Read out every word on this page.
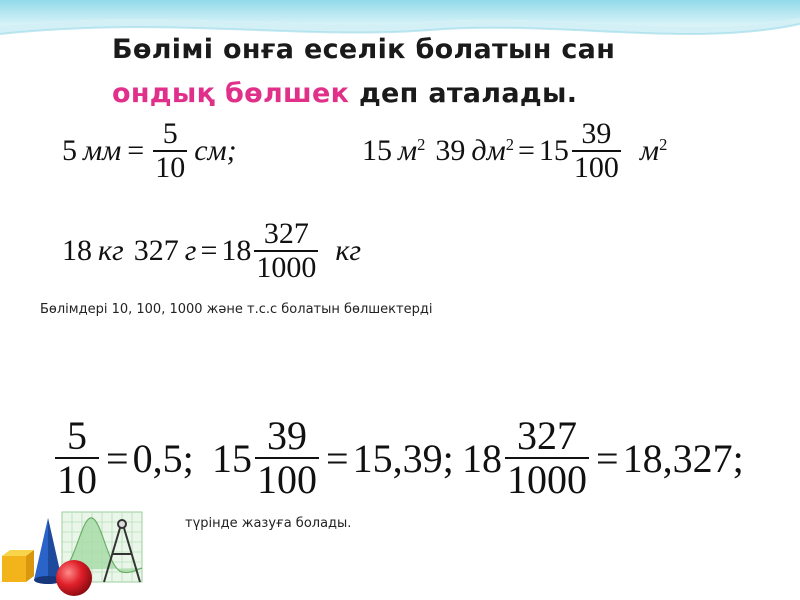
Бөлімі онға еселік болатын сан
ондық бөлшек деп аталады.
5 мм = $\frac{5}{10}$ см;	15 м 2 39 дм $2 = 15 \frac{39}{100}$ м 2
18 кг 327 $г = 18 \frac{327}{1000}$ кг
Бөлімдері 10, 100, 1000 және т.с.с болатын бөлшектерді
$\frac{5}{10} = 0,5$; $15 \frac{39}{100} = 15,39$; $18 \frac{327}{1000} = 18,327$;
түрінде жазуға болады.
